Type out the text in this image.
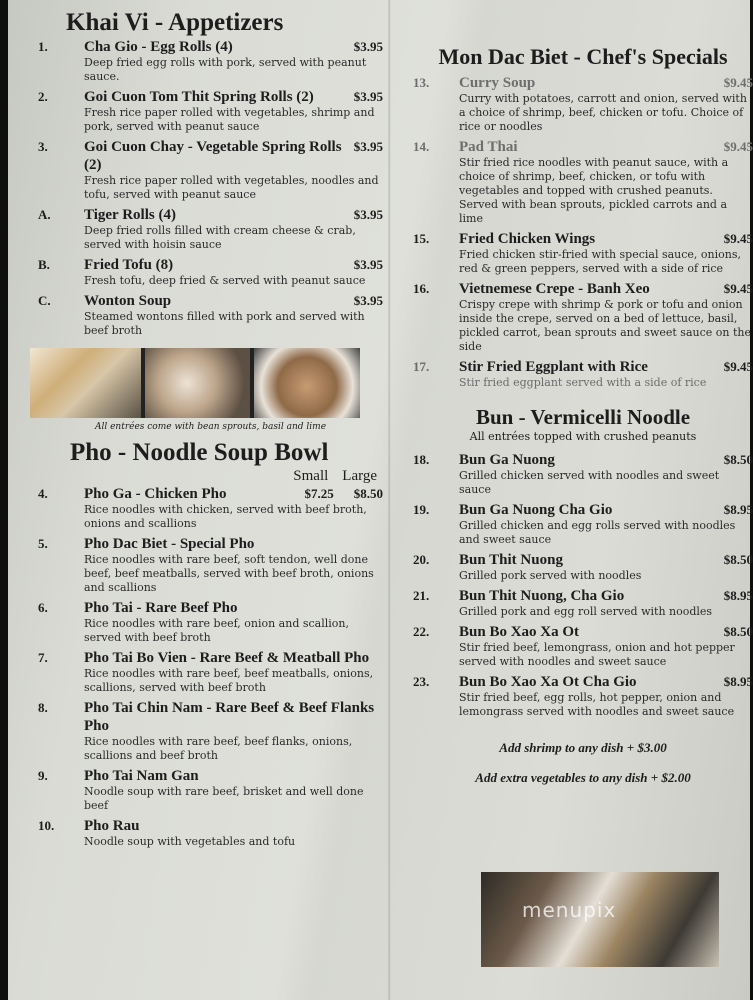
Khai Vi - Appetizers
1.	Cha Gio - Egg Rolls (4)	$3.95
Deep fried egg rolls with pork, served with peanut sauce.
2.	Goi Cuon Tom Thit Spring Rolls (2)	$3.95
Fresh rice paper rolled with vegetables, shrimp and pork, served with peanut sauce
3.	Goi Cuon Chay - Vegetable Spring Rolls (2)
$3.95
Fresh rice paper rolled with vegetables, noodles and tofu, served with peanut sauce
A.	Tiger Rolls (4)	$3.95
Deep fried rolls filled with cream cheese & crab, served with hoisin sauce
B.	Fried Tofu (8)	$3.95
Fresh tofu, deep fried & served with peanut sauce
C.	Wonton Soup	$3.95
Steamed wontons filled with pork and served with beef broth
All entrées come with bean sprouts, basil and lime
Pho - Noodle Soup Bowl
Small Large
4.	Pho Ga - Chicken Pho	$7.25	$8.50
Rice noodles with chicken, served with beef broth, onions and scallions
5.	Pho Dac Biet - Special Pho
Rice noodles with rare beef, soft tendon, well done beef, beef meatballs, served with beef broth, onions and scallions
6.	Pho Tai - Rare Beef Pho
Rice noodles with rare beef, onion and scallion, served with beef broth
7.	Pho Tai Bo Vien - Rare Beef & Meatball Pho
Rice noodles with rare beef, beef meatballs, onions, scallions, served with beef broth
8.	Pho Tai Chin Nam - Rare Beef & Beef Flanks Pho
Rice noodles with rare beef, beef flanks, onions, scallions and beef broth
9.	Pho Tai Nam Gan
Noodle soup with rare beef, brisket and well done beef
10.	Pho Rau
Noodle soup with vegetables and tofu
Mon Dac Biet - Chef's Specials
13.	Curry Soup	$9.45
Curry with potatoes, carrott and onion, served with a choice of shrimp, beef, chicken or tofu. Choice of rice or noodles
14.	Pad Thai	$9.45
Stir fried rice noodles with peanut sauce, with a choice of shrimp, beef, chicken, or tofu with vegetables and topped with crushed peanuts. Served with bean sprouts, pickled carrots and a lime
15.	Fried Chicken Wings	$9.45
Fried chicken stir-fried with special sauce, onions, red & green peppers, served with a side of rice
16.	Vietnemese Crepe - Banh Xeo	$9.45
Crispy crepe with shrimp & pork or tofu and onion inside the crepe, served on a bed of lettuce, basil, pickled carrot, bean sprouts and sweet sauce on the side
17.	Stir Fried Eggplant with Rice	$9.45
Stir fried eggplant served with a side of rice
Bun - Vermicelli Noodle

All entrées topped with crushed peanuts

18.	Bun Ga Nuong	$8.50
Grilled chicken served with noodles and sweet sauce
19.	Bun Ga Nuong Cha Gio	$8.95
Grilled chicken and egg rolls served with noodles and sweet sauce
20.	Bun Thit Nuong	$8.50
Grilled pork served with noodles
21.	Bun Thit Nuong, Cha Gio	$8.95
Grilled pork and egg roll served with noodles
22.	Bun Bo Xao Xa Ot	$8.50
Stir fried beef, lemongrass, onion and hot pepper served with noodles and sweet sauce
23.	Bun Bo Xao Xa Ot Cha Gio	$8.95
Stir fried beef, egg rolls, hot pepper, onion and lemongrass served with noodles and sweet sauce
Add shrimp to any dish + $3.00
Add extra vegetables to any dish + $2.00
menupix
